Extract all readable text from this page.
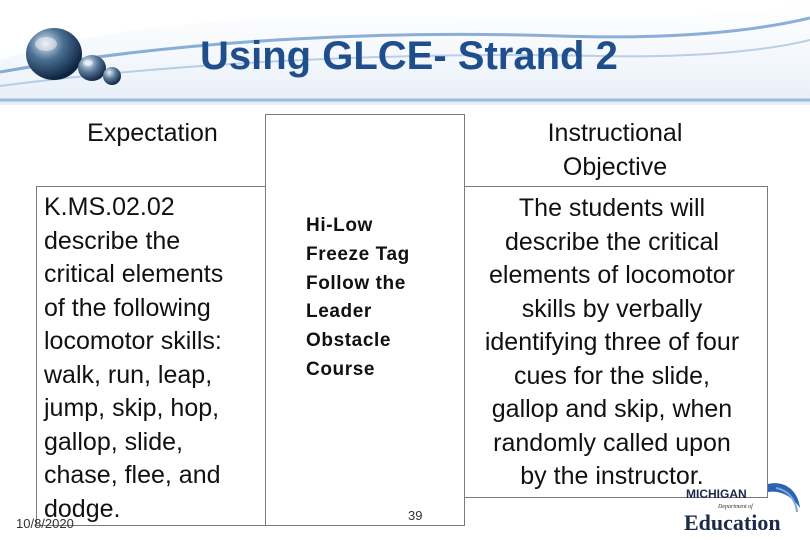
Using GLCE- Strand 2
Expectation	Instructional
Objective
K.MS.02.02
describe the
critical elements
of the following
locomotor skills:
walk, run, leap,
jump, skip, hop,
gallop, slide,
chase, flee, and
dodge.
Hi-Low
Freeze Tag
Follow the
Leader
Obstacle
Course
The students will
describe the critical
elements of locomotor
skills by verbally
identifying three of four
cues for the slide,
gallop and skip, when
randomly called upon
by the instructor.
10/8/2020
39
MICHIGAN
Department of
Education
